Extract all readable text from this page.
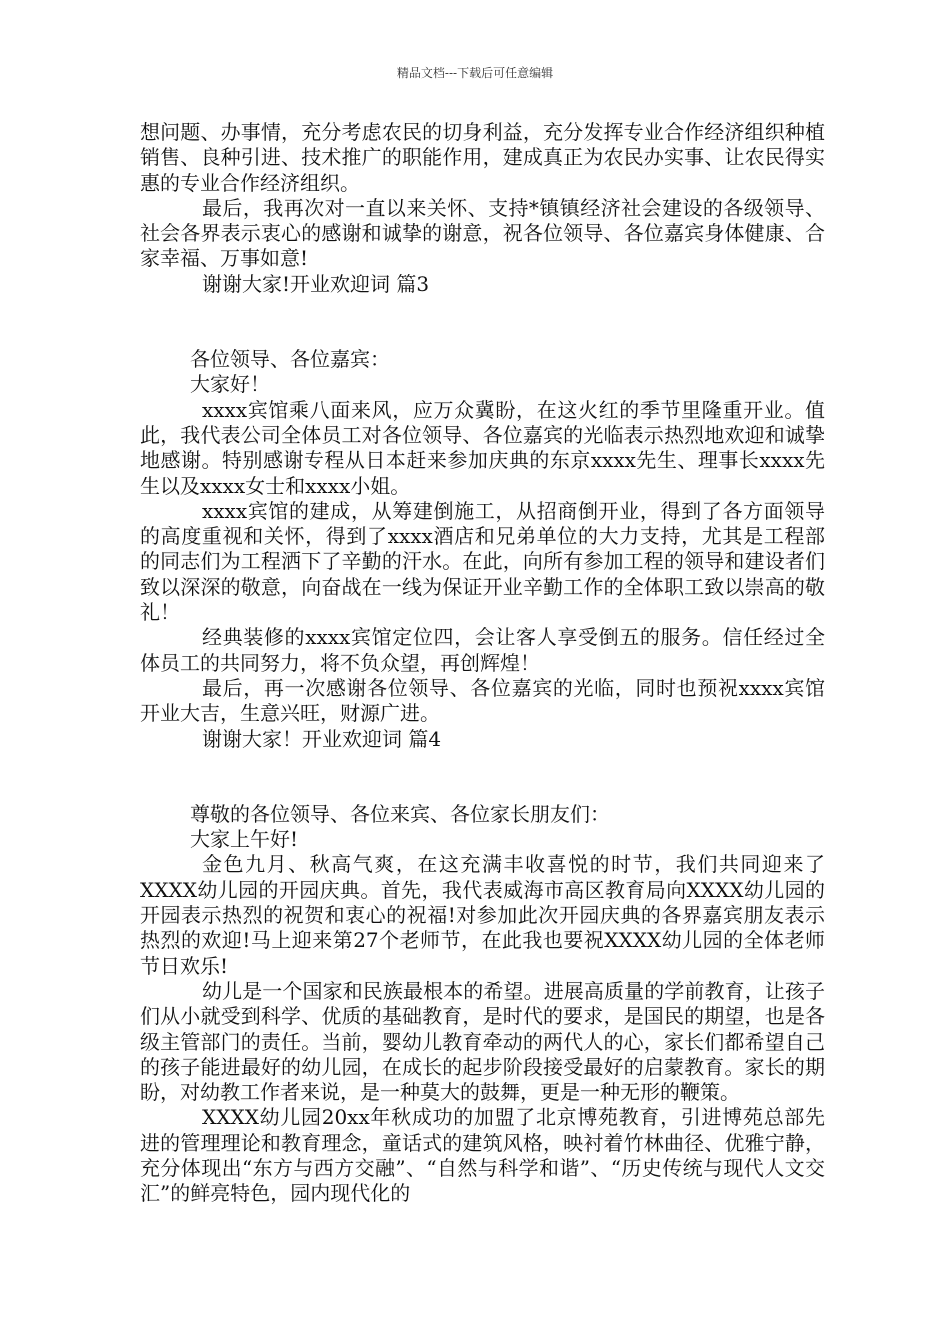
精品文档---下载后可任意编辑

想问题、办事情，充分考虑农民的切身利益，充分发挥专业合作经济组织种植销售、良种引进、技术推广的职能作用，建成真正为农民办实事、让农民得实惠的专业合作经济组织。

最后，我再次对一直以来关怀、支持*镇镇经济社会建设的各级领导、社会各界表示衷心的感谢和诚挚的谢意，祝各位领导、各位嘉宾身体健康、合家幸福、万事如意!

谢谢大家!开业欢迎词 篇3

各位领导、各位嘉宾：

大家好！

xxxx宾馆乘八面来风，应万众冀盼，在这火红的季节里隆重开业。值此，我代表公司全体员工对各位领导、各位嘉宾的光临表示热烈地欢迎和诚挚地感谢。特别感谢专程从日本赶来参加庆典的东京xxxx先生、理事长xxxx先生以及xxxx女士和xxxx小姐。

xxxx宾馆的建成，从筹建倒施工，从招商倒开业，得到了各方面领导的高度重视和关怀，得到了xxxx酒店和兄弟单位的大力支持，尤其是工程部的同志们为工程洒下了辛勤的汗水。在此，向所有参加工程的领导和建设者们致以深深的敬意，向奋战在一线为保证开业辛勤工作的全体职工致以崇高的敬礼！

经典装修的xxxx宾馆定位四，会让客人享受倒五的服务。信任经过全体员工的共同努力，将不负众望，再创辉煌！

最后，再一次感谢各位领导、各位嘉宾的光临，同时也预祝xxxx宾馆开业大吉，生意兴旺，财源广进。

谢谢大家！开业欢迎词 篇4

尊敬的各位领导、各位来宾、各位家长朋友们：

大家上午好!

金色九月、秋高气爽，在这充满丰收喜悦的时节，我们共同迎来了XXXX幼儿园的开园庆典。首先，我代表威海市高区教育局向XXXX幼儿园的开园表示热烈的祝贺和衷心的祝福!对参加此次开园庆典的各界嘉宾朋友表示热烈的欢迎!马上迎来第27个老师节，在此我也要祝XXXX幼儿园的全体老师节日欢乐!

幼儿是一个国家和民族最根本的希望。进展高质量的学前教育，让孩子们从小就受到科学、优质的基础教育，是时代的要求，是国民的期望，也是各级主管部门的责任。当前，婴幼儿教育牵动的两代人的心，家长们都希望自己的孩子能进最好的幼儿园，在成长的起步阶段接受最好的启蒙教育。家长的期盼，对幼教工作者来说，是一种莫大的鼓舞，更是一种无形的鞭策。

XXXX幼儿园20xx年秋成功的加盟了北京博苑教育，引进博苑总部先进的管理理论和教育理念，童话式的建筑风格，映衬着竹林曲径、优雅宁静，充分体现出“东方与西方交融”、“自然与科学和谐”、“历史传统与现代人文交汇”的鲜亮特色，园内现代化的
